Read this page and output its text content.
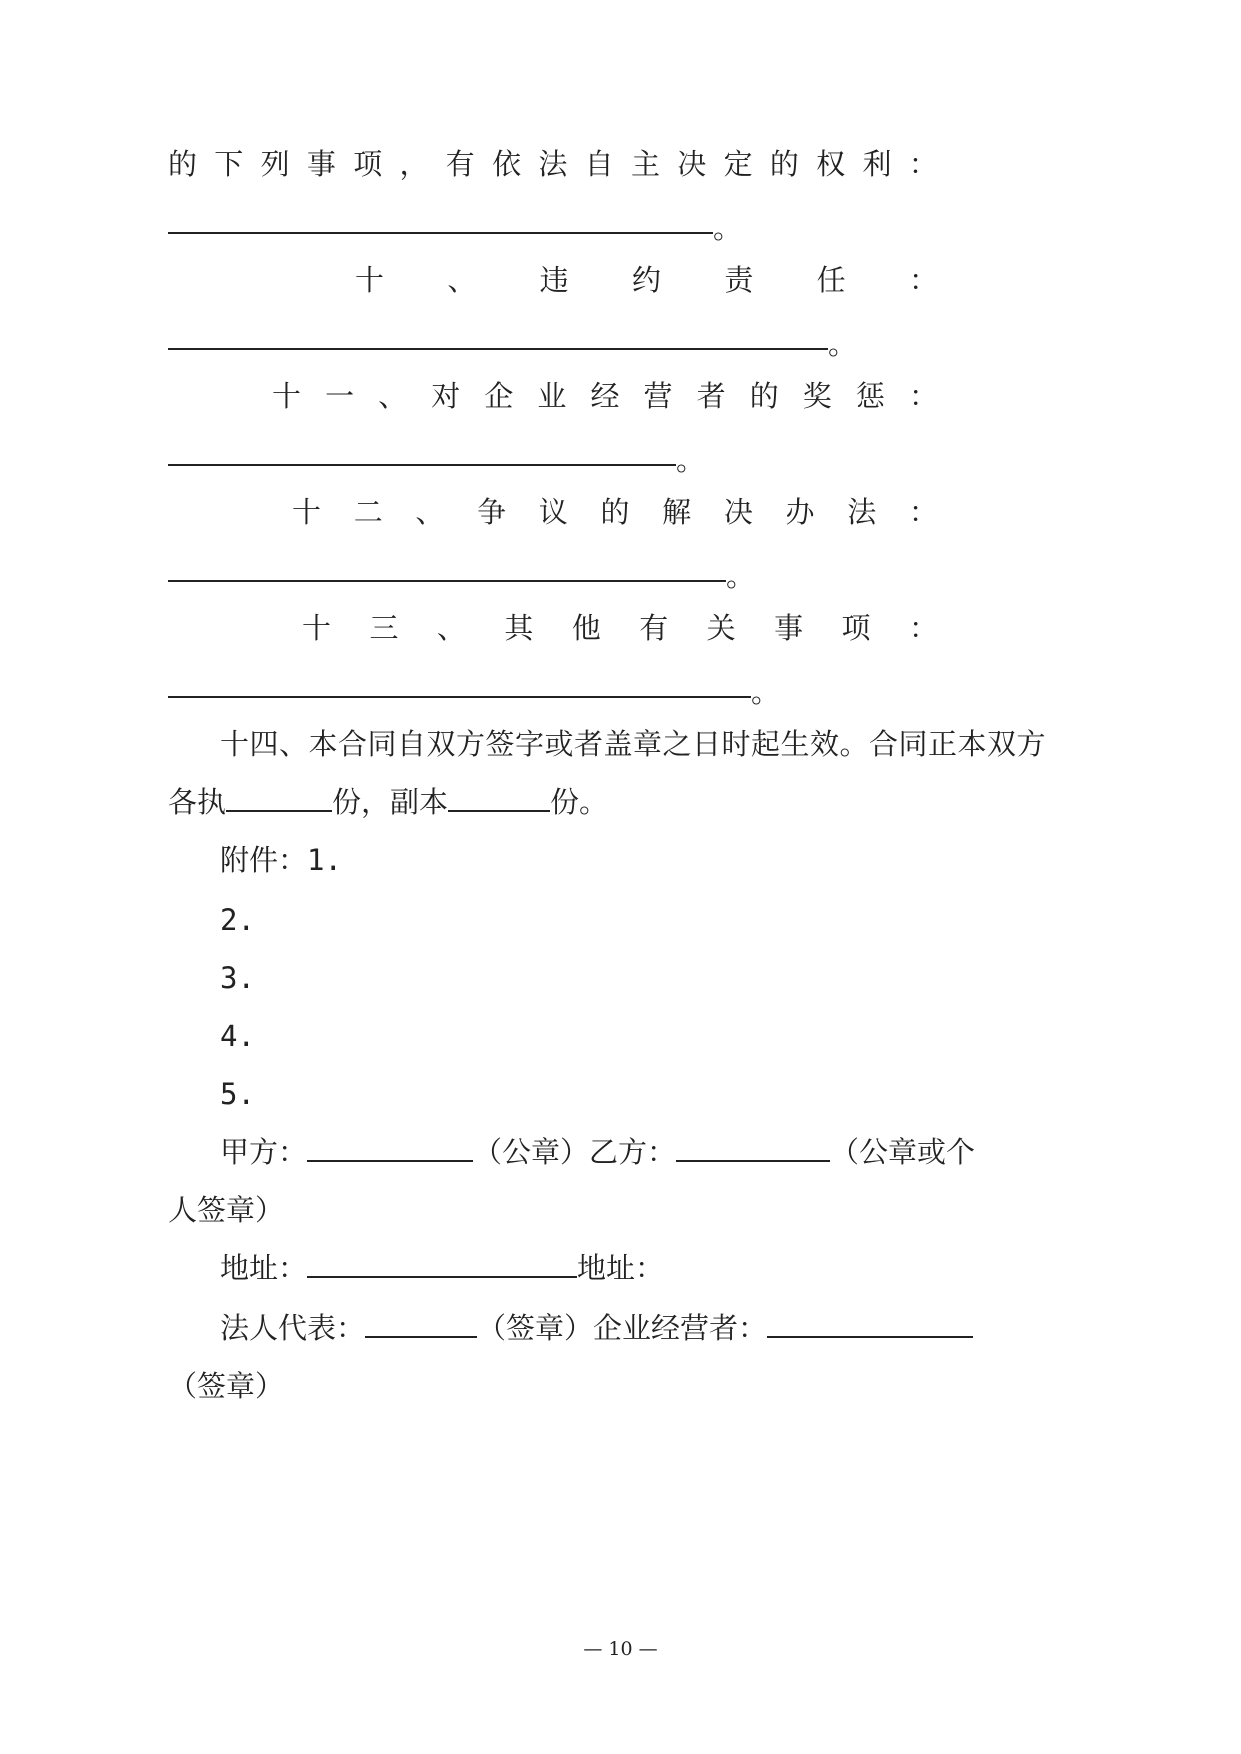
的 下 列 事 项 ， 有 依 法 自 主 决 定 的 权 利 ：
。
十 、 违 约 责 任 ：
。
十 一 、 对 企 业 经 营 者 的 奖 惩 ：
。
十 二 、 争 议 的 解 决 办 法 ：
。
十 三 、 其 他 有 关 事 项 ：
。
十四、本合同自双方签字或者盖章之日时起生效。合同正本双方
各执	份，副本	份。
附件：1.
2.
3.
4.
5.
甲方：	（公章）乙方：	（公章或个
人签章）
地址：	地址：
法人代表：	（签章）企业经营者：
（签章）
— 10 —
